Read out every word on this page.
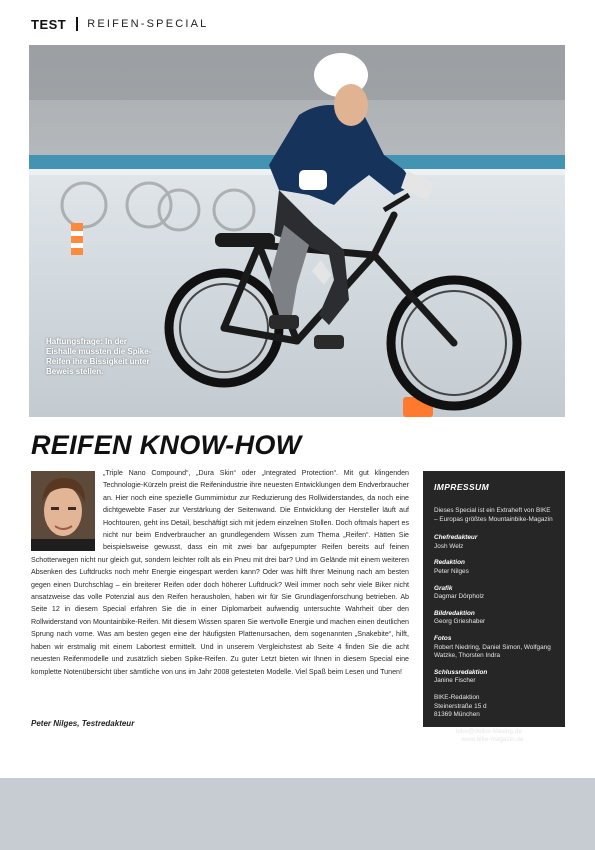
TEST REIFEN-SPECIAL
Haftungsfrage: In der Eishalle mussten die Spike-Reifen ihre Bissigkeit unter Beweis stellen.
REIFEN KNOW-HOW

„Triple Nano Compound“, „Dura Skin“ oder „Integrated Protection“. Mit gut klingenden Technologie-Kürzeln preist die Reifenindustrie ihre neuesten Entwicklungen dem Endverbraucher an. Hier noch eine spezielle Gummimixtur zur Reduzierung des Rollwiderstandes, da noch eine dichtgewebte Faser zur Verstärkung der Seitenwand. Die Entwicklung der Hersteller läuft auf Hochtouren, geht ins Detail, beschäftigt sich mit jedem einzelnen Stollen. Doch oftmals hapert es nicht nur beim Endverbraucher an grundlegendem Wissen zum Thema „Reifen“. Hätten Sie beispielsweise gewusst, dass ein mit zwei bar aufgepumpter Reifen bereits auf feinen Schotterwegen nicht nur gleich gut, sondern leichter rollt als ein Pneu mit drei bar? Und im Gelände mit einem weiteren Absenken des Luftdrucks noch mehr Energie eingespart werden kann? Oder was hilft Ihrer Meinung nach am besten gegen einen Durchschlag – ein breiterer Reifen oder doch höherer Luftdruck? Weil immer noch sehr viele Biker nicht ansatzweise das volle Potenzial aus den Reifen herausholen, haben wir für Sie Grundlagenforschung betrieben. Ab Seite 12 in diesem Special erfahren Sie die in einer Diplomarbeit aufwendig untersuchte Wahrheit über den Rollwiderstand von Mountainbike-Reifen. Mit diesem Wissen sparen Sie wertvolle Energie und machen einen deutlichen Sprung nach vorne. Was am besten gegen eine der häufigsten Plattenursachen, dem sogenannten „Snakebite“, hilft, haben wir erstmalig mit einem Labortest ermittelt. Und in unserem Vergleichstest ab Seite 4 finden Sie die acht neuesten Reifenmodelle und zusätzlich sieben Spike-Reifen. Zu guter Letzt bieten wir Ihnen in diesem Special eine komplette Notenübersicht über sämtliche von uns im Jahr 2008 getesteten Modelle. Viel Spaß beim Lesen und Tunen!

Peter Nilges, Testredakteur
IMPRESSUM
Dieses Special ist ein Extraheft von BIKE – Europas größtes Mountainbike-Magazin
Chefredakteur
Josh Welz
Redaktion
Peter Nilges
Grafik
Dagmar Dörpholz
Bildredaktion
Georg Grieshaber
Fotos
Robert Niedring, Daniel Simon, Wolfgang Watzke, Thorsten Indra
Schlussredaktion
Janine Fischer
BIKE-Redaktion
Steinerstraße 15 d
81369 München
e-Mail: bike@delius-klasing.de
Internet: www.bike-magazin.de
